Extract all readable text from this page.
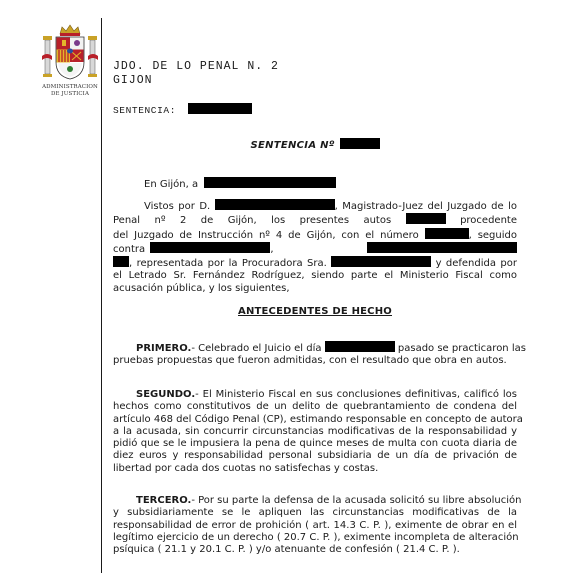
ADMINISTRACION
DE JUSTICIA
JDO. DE LO PENAL N. 2
GIJON
SENTENCIA:
SENTENCIA Nº
En Gijón, a
Vistos por D.	, Magistrado-Juez del Juzgado de lo
Penal nº 2 de Gijón, los presentes autos	procedente
del Juzgado de Instrucción nº 4 de Gijón, con el número	, seguido
contra	,
, representada por la Procuradora Sra.	y defendida por
el Letrado Sr. Fernández Rodríguez, siendo parte el Ministerio Fiscal como
acusación pública, y los siguientes,
ANTECEDENTES DE HECHO
PRIMERO.- Celebrado el Juicio el día	pasado se practicaron las
pruebas propuestas que fueron admitidas, con el resultado que obra en autos.
SEGUNDO.- El Ministerio Fiscal en sus conclusiones definitivas, calificó los
hechos como constitutivos de un delito de quebrantamiento de condena del
artículo 468 del Código Penal (CP), estimando responsable en concepto de autora
a la acusada, sin concurrir circunstancias modificativas de la responsabilidad y
pidió que se le impusiera la pena de quince meses de multa con cuota diaria de
diez euros y responsabilidad personal subsidiaria de un día de privación de
libertad por cada dos cuotas no satisfechas y costas.
TERCERO.- Por su parte la defensa de la acusada solicitó su libre absolución
y subsidiariamente se le apliquen las circunstancias modificativas de la
responsabilidad de error de prohición ( art. 14.3 C. P. ), eximente de obrar en el
legítimo ejercicio de un derecho ( 20.7 C. P. ), eximente incompleta de alteración
psíquica ( 21.1 y 20.1 C. P. ) y/o atenuante de confesión ( 21.4 C. P. ).
